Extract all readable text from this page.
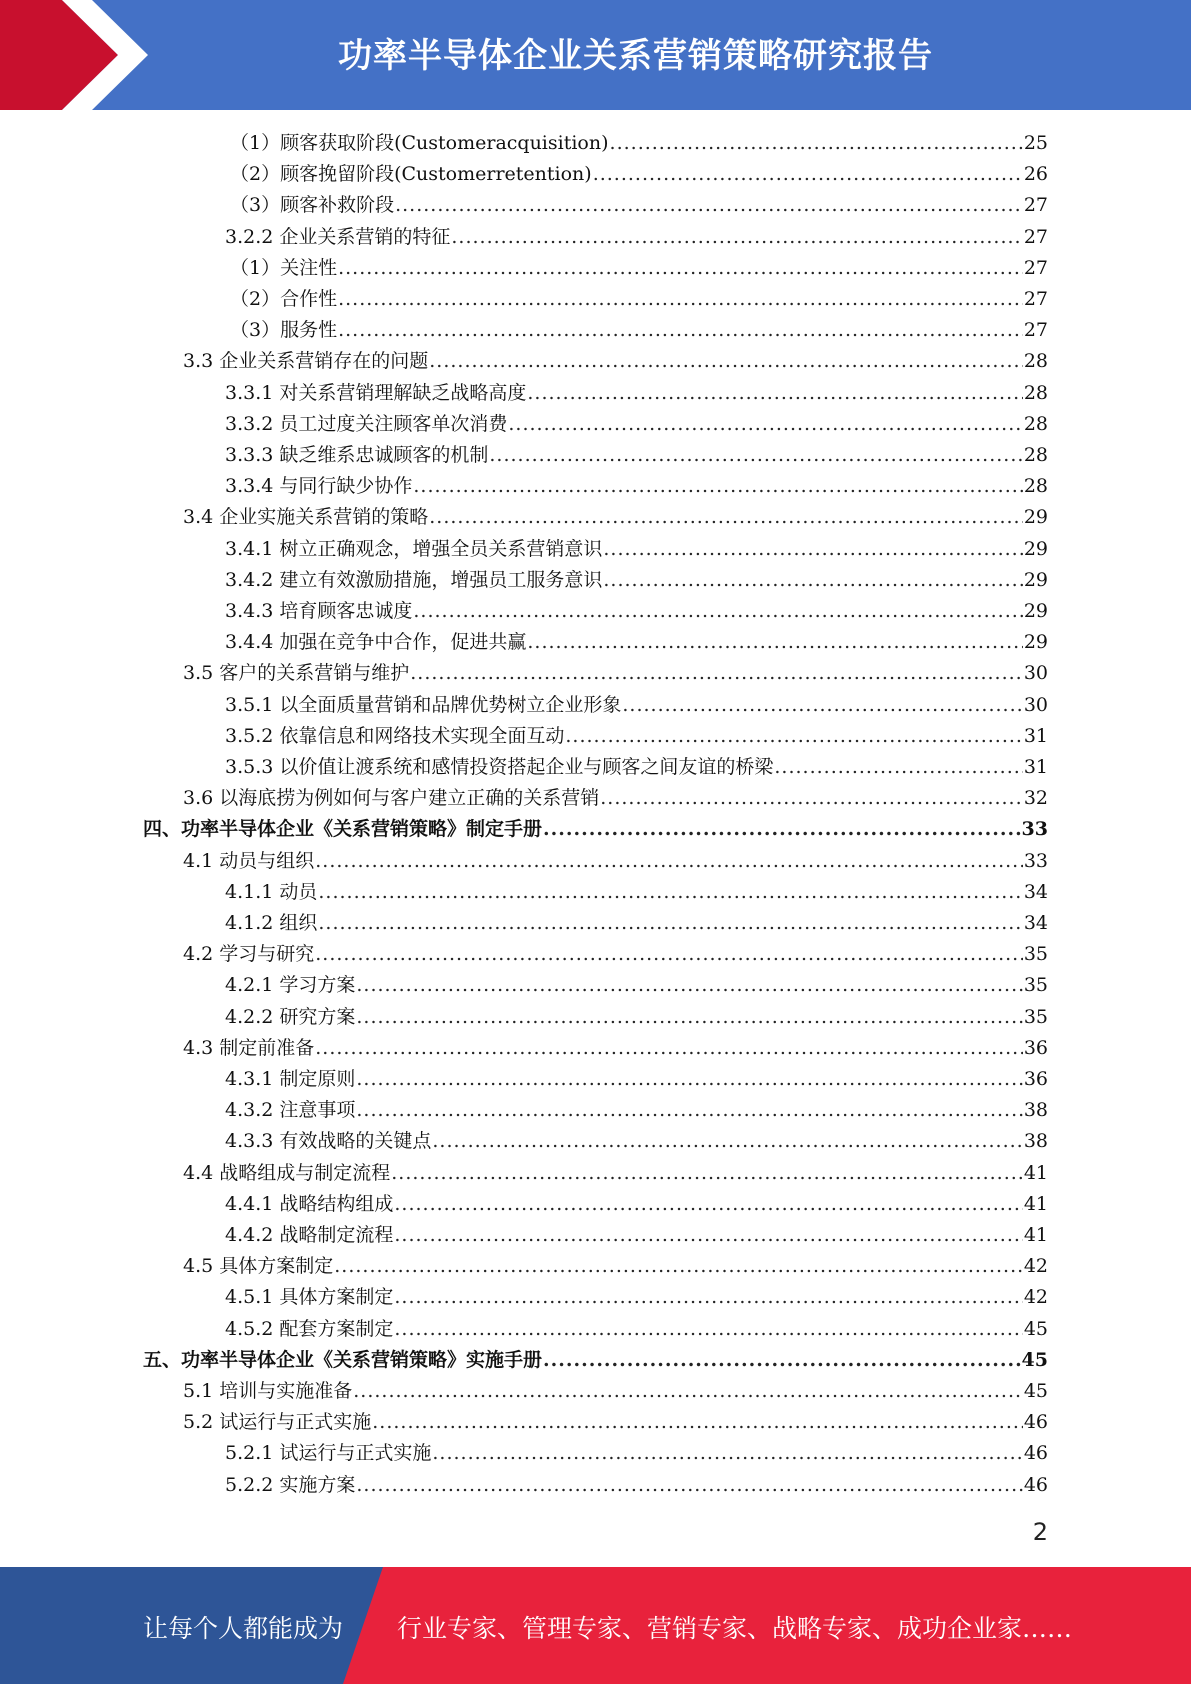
功率半导体企业关系营销策略研究报告
（1）顾客获取阶段(Customeracquisition) .....	25
（2）顾客挽留阶段(Customerretention) .....	26
（3）顾客补救阶段 .....	27
3.2.2 企业关系营销的特征 .....	27
（1）关注性 .....	27
（2）合作性 .....	27
（3）服务性 .....	27
3.3 企业关系营销存在的问题 .....	28
3.3.1 对关系营销理解缺乏战略高度 .....	28
3.3.2 员工过度关注顾客单次消费 .....	28
3.3.3 缺乏维系忠诚顾客的机制 .....	28
3.3.4 与同行缺少协作 .....	28
3.4 企业实施关系营销的策略 .....	29
3.4.1 树立正确观念，增强全员关系营销意识 .....	29
3.4.2 建立有效激励措施，增强员工服务意识 .....	29
3.4.3 培育顾客忠诚度 .....	29
3.4.4 加强在竞争中合作，促进共赢 .....	29
3.5 客户的关系营销与维护 .....	30
3.5.1 以全面质量营销和品牌优势树立企业形象 .....	30
3.5.2 依靠信息和网络技术实现全面互动 .....	31
3.5.3 以价值让渡系统和感情投资搭起企业与顾客之间友谊的桥梁 .....	31
3.6 以海底捞为例如何与客户建立正确的关系营销 .....	32
四、功率半导体企业《关系营销策略》制定手册 .....	33
4.1 动员与组织 .....	33
4.1.1 动员 .....	34
4.1.2 组织 .....	34
4.2 学习与研究 .....	35
4.2.1 学习方案 .....	35
4.2.2 研究方案 .....	35
4.3 制定前准备 .....	36
4.3.1 制定原则 .....	36
4.3.2 注意事项 .....	38
4.3.3 有效战略的关键点 .....	38
4.4 战略组成与制定流程 .....	41
4.4.1 战略结构组成 .....	41
4.4.2 战略制定流程 .....	41
4.5 具体方案制定 .....	42
4.5.1 具体方案制定 .....	42
4.5.2 配套方案制定 .....	45
五、功率半导体企业《关系营销策略》实施手册 .....	45
5.1 培训与实施准备 .....	45
5.2 试运行与正式实施 .....	46
5.2.1 试运行与正式实施 .....	46
5.2.2 实施方案 .....	46
2
让每个人都能成为 行业专家、管理专家、营销专家、战略专家、成功企业家……
